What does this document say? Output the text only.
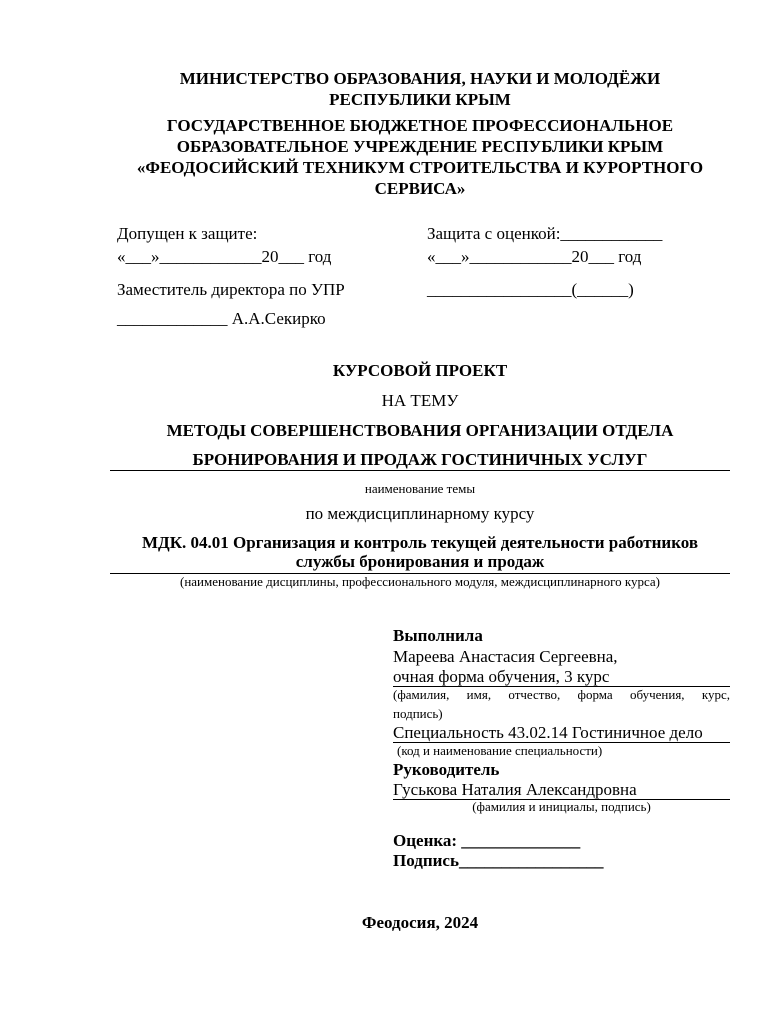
МИНИСТЕРСТВО ОБРАЗОВАНИЯ, НАУКИ И МОЛОДЁЖИ
РЕСПУБЛИКИ КРЫМ
ГОСУДАРСТВЕННОЕ БЮДЖЕТНОЕ ПРОФЕССИОНАЛЬНОЕ
ОБРАЗОВАТЕЛЬНОЕ УЧРЕЖДЕНИЕ РЕСПУБЛИКИ КРЫМ
«ФЕОДОСИЙСКИЙ ТЕХНИКУМ СТРОИТЕЛЬСТВА И КУРОРТНОГО
СЕРВИСА»
Допущен к защите:
«___»____________20___ год
Заместитель директора по УПР
_____________ А.А.Секирко
Защита с оценкой:____________
«___»____________20___ год
_________________(______)
КУРСОВОЙ ПРОЕКТ
НА ТЕМУ
МЕТОДЫ СОВЕРШЕНСТВОВАНИЯ ОРГАНИЗАЦИИ ОТДЕЛА
БРОНИРОВАНИЯ И ПРОДАЖ ГОСТИНИЧНЫХ УСЛУГ
наименование темы
по междисциплинарному курсу
МДК. 04.01 Организация и контроль текущей деятельности работников
службы бронирования и продаж
(наименование дисциплины, профессионального модуля, междисциплинарного курса)
Выполнила
Мареева Анастасия Сергеевна,
очная форма обучения, 3 курс
(фамилия, имя, отчество, форма обучения, курс,
подпись)
Специальность 43.02.14 Гостиничное дело
(код и наименование специальности)
Руководитель
Гуськова Наталия Александровна
(фамилия и инициалы, подпись)
Оценка: ______________
Подпись_________________
Феодосия, 2024
